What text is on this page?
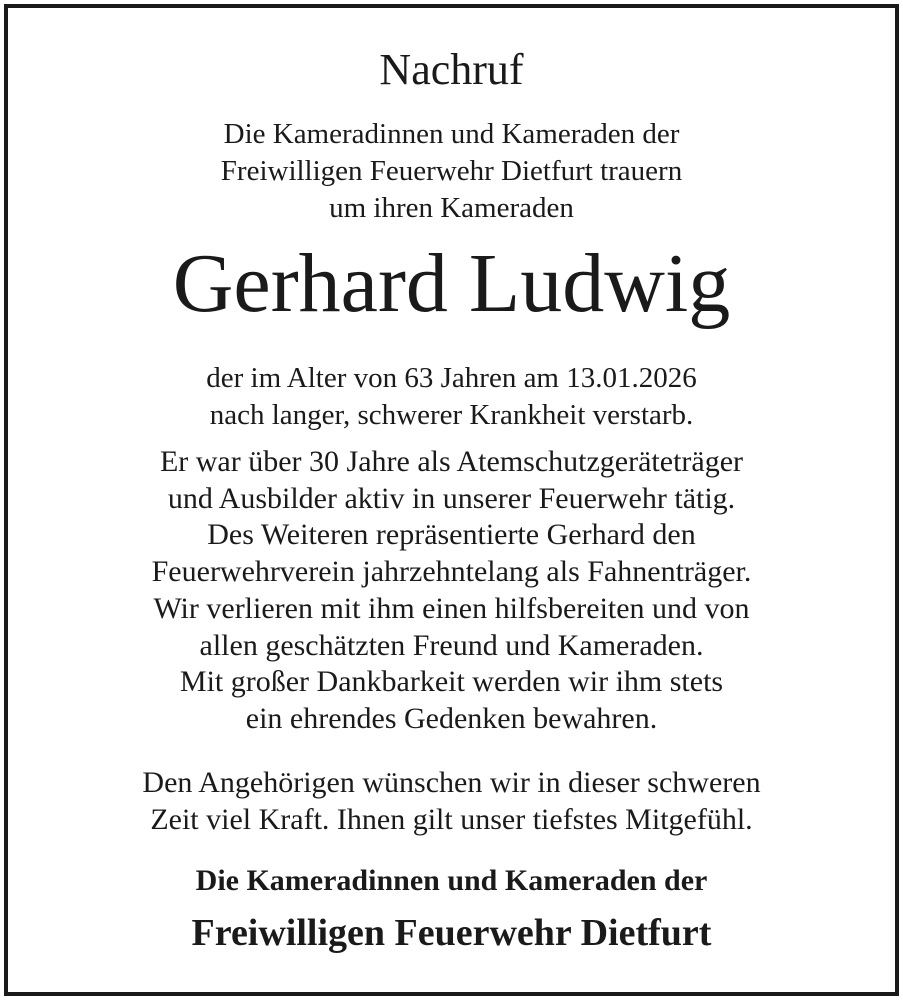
Nachruf
Die Kameradinnen und Kameraden der
Freiwilligen Feuerwehr Dietfurt trauern
um ihren Kameraden
Gerhard Ludwig
der im Alter von 63 Jahren am 13.01.2026
nach langer, schwerer Krankheit verstarb.
Er war über 30 Jahre als Atemschutzgeräteträger
und Ausbilder aktiv in unserer Feuerwehr tätig.
Des Weiteren repräsentierte Gerhard den
Feuerwehrverein jahrzehntelang als Fahnenträger.
Wir verlieren mit ihm einen hilfsbereiten und von
allen geschätzten Freund und Kameraden.
Mit großer Dankbarkeit werden wir ihm stets
ein ehrendes Gedenken bewahren.
Den Angehörigen wünschen wir in dieser schweren
Zeit viel Kraft. Ihnen gilt unser tiefstes Mitgefühl.
Die Kameradinnen und Kameraden der
Freiwilligen Feuerwehr Dietfurt
